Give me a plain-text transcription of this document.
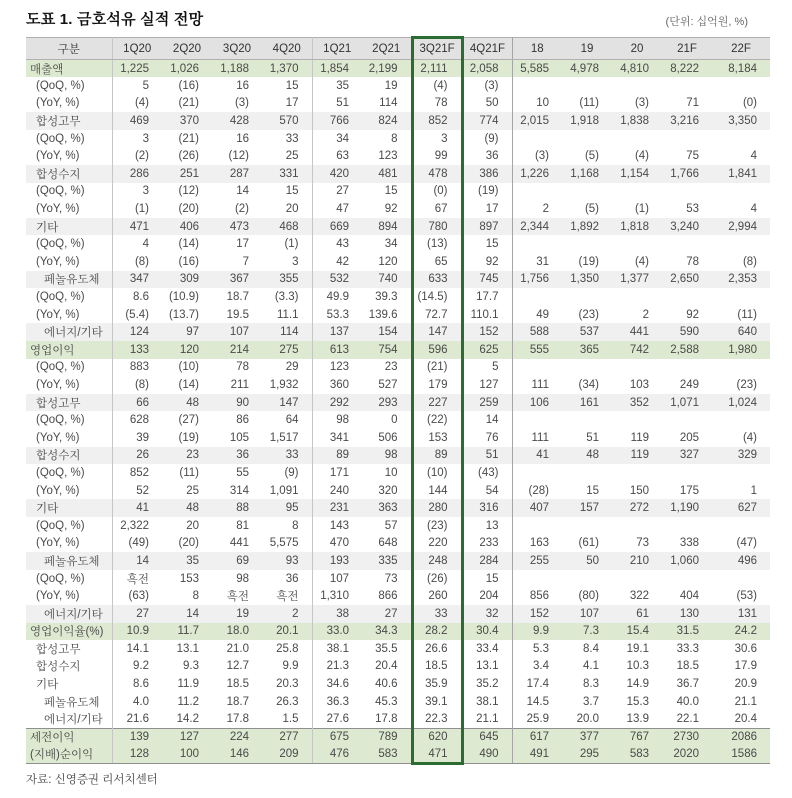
도표 1. 금호석유 실적 전망	(단위: 십억원, %)
구분	1Q20	2Q20	3Q20	4Q20	1Q21	2Q21	3Q21F	4Q21F	18	19	20	21F	22F
매출액	1,225	1,026	1,188	1,370	1,854	2,199	2,111	2,058	5,585	4,978	4,810	8,222	8,184
(QoQ, %)	5	(16)	16	15	35	19	(4)	(3)					
(YoY, %)	(4)	(21)	(3)	17	51	114	78	50	10	(11)	(3)	71	(0)
합성고무	469	370	428	570	766	824	852	774	2,015	1,918	1,838	3,216	3,350
(QoQ, %)	3	(21)	16	33	34	8	3	(9)					
(YoY, %)	(2)	(26)	(12)	25	63	123	99	36	(3)	(5)	(4)	75	4
합성수지	286	251	287	331	420	481	478	386	1,226	1,168	1,154	1,766	1,841
(QoQ, %)	3	(12)	14	15	27	15	(0)	(19)					
(YoY, %)	(1)	(20)	(2)	20	47	92	67	17	2	(5)	(1)	53	4
기타	471	406	473	468	669	894	780	897	2,344	1,892	1,818	3,240	2,994
(QoQ, %)	4	(14)	17	(1)	43	34	(13)	15					
(YoY, %)	(8)	(16)	7	3	42	120	65	92	31	(19)	(4)	78	(8)
페놀유도체	347	309	367	355	532	740	633	745	1,756	1,350	1,377	2,650	2,353
(QoQ, %)	8.6	(10.9)	18.7	(3.3)	49.9	39.3	(14.5)	17.7					
(YoY, %)	(5.4)	(13.7)	19.5	11.1	53.3	139.6	72.7	110.1	49	(23)	2	92	(11)
에너지/기타	124	97	107	114	137	154	147	152	588	537	441	590	640
영업이익	133	120	214	275	613	754	596	625	555	365	742	2,588	1,980
(QoQ, %)	883	(10)	78	29	123	23	(21)	5					
(YoY, %)	(8)	(14)	211	1,932	360	527	179	127	111	(34)	103	249	(23)
합성고무	66	48	90	147	292	293	227	259	106	161	352	1,071	1,024
(QoQ, %)	628	(27)	86	64	98	0	(22)	14					
(YoY, %)	39	(19)	105	1,517	341	506	153	76	111	51	119	205	(4)
합성수지	26	23	36	33	89	98	89	51	41	48	119	327	329
(QoQ, %)	852	(11)	55	(9)	171	10	(10)	(43)					
(YoY, %)	52	25	314	1,091	240	320	144	54	(28)	15	150	175	1
기타	41	48	88	95	231	363	280	316	407	157	272	1,190	627
(QoQ, %)	2,322	20	81	8	143	57	(23)	13					
(YoY, %)	(49)	(20)	441	5,575	470	648	220	233	163	(61)	73	338	(47)
페놀유도체	14	35	69	93	193	335	248	284	255	50	210	1,060	496
(QoQ, %)	흑전	153	98	36	107	73	(26)	15					
(YoY, %)	(63)	8	흑전	흑전	1,310	866	260	204	856	(80)	322	404	(53)
에너지/기타	27	14	19	2	38	27	33	32	152	107	61	130	131
영업이익율(%)	10.9	11.7	18.0	20.1	33.0	34.3	28.2	30.4	9.9	7.3	15.4	31.5	24.2
합성고무	14.1	13.1	21.0	25.8	38.1	35.5	26.6	33.4	5.3	8.4	19.1	33.3	30.6
합성수지	9.2	9.3	12.7	9.9	21.3	20.4	18.5	13.1	3.4	4.1	10.3	18.5	17.9
기타	8.6	11.9	18.5	20.3	34.6	40.6	35.9	35.2	17.4	8.3	14.9	36.7	20.9
페놀유도체	4.0	11.2	18.7	26.3	36.3	45.3	39.1	38.1	14.5	3.7	15.3	40.0	21.1
에너지/기타	21.6	14.2	17.8	1.5	27.6	17.8	22.3	21.1	25.9	20.0	13.9	22.1	20.4
세전이익	139	127	224	277	675	789	620	645	617	377	767	2730	2086
(지배)순이익	128	100	146	209	476	583	471	490	491	295	583	2020	1586
자료: 신영증권 리서치센터
